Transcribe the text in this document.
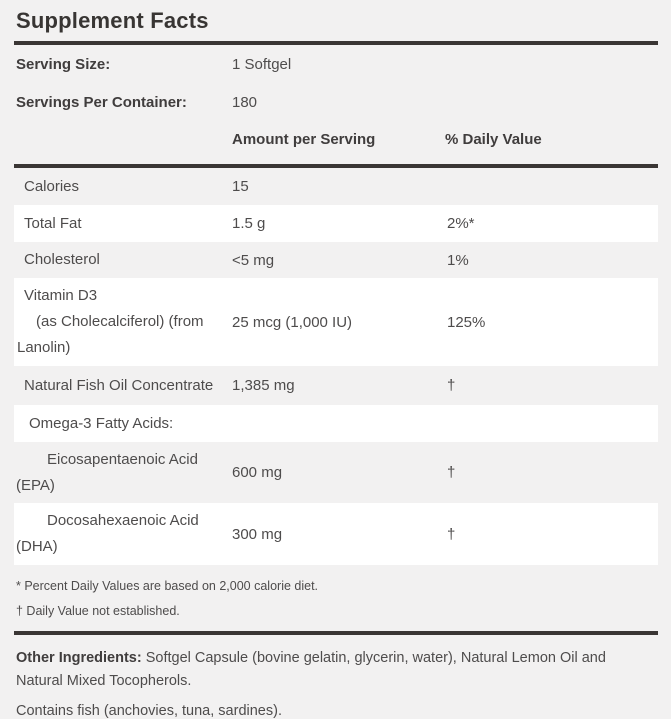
Supplement Facts
Serving Size:	1 Softgel
Servings Per Container:	180
Amount per Serving	% Daily Value
Calories	15
Total Fat	1.5 g	2%*
Cholesterol	<5 mg	1%
Vitamin D3
(as Cholecalciferol) (from
Lanolin)
25 mcg (1,000 IU)	125%
Natural Fish Oil Concentrate	1,385 mg	†
Omega-3 Fatty Acids:
Eicosapentaenoic Acid
(EPA)
600 mg	†
Docosahexaenoic Acid
(DHA)
300 mg	†
* Percent Daily Values are based on 2,000 calorie diet.
† Daily Value not established.
Other Ingredients: Softgel Capsule (bovine gelatin, glycerin, water), Natural Lemon Oil and Natural Mixed Tocopherols.
Contains fish (anchovies, tuna, sardines).
